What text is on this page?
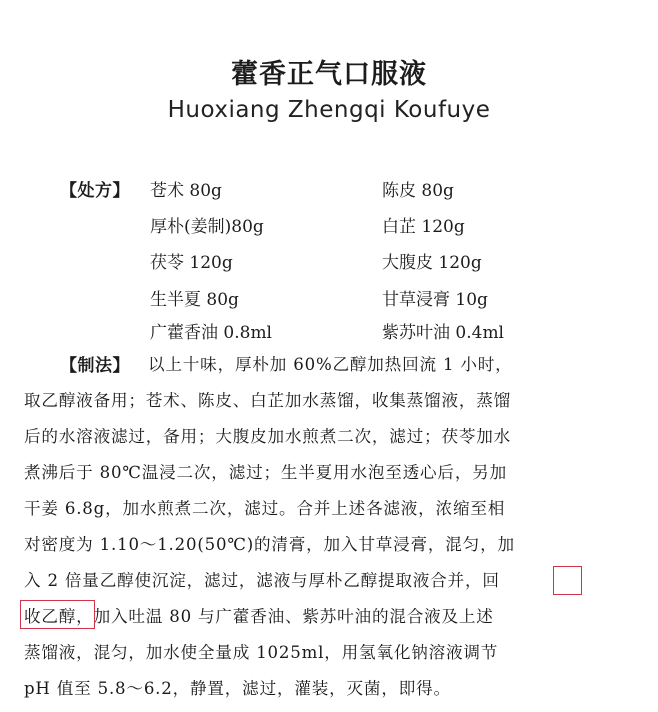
藿香正气口服液
Huoxiang Zhengqi Koufuye
【处方】 苍术 80g
厚朴(姜制)80g
茯苓 120g
生半夏 80g
广藿香油 0.8ml
陈皮 80g
白芷 120g
大腹皮 120g
甘草浸膏 10g
紫苏叶油 0.4ml
【制法】 以上十味，厚朴加 60%乙醇加热回流 1 小时，
取乙醇液备用；苍术、陈皮、白芷加水蒸馏，收集蒸馏液，蒸馏
后的水溶液滤过，备用；大腹皮加水煎煮二次，滤过；茯苓加水
煮沸后于 80℃温浸二次，滤过；生半夏用水泡至透心后，另加
干姜 6.8g，加水煎煮二次，滤过。合并上述各滤液，浓缩至相
对密度为 1.10～1.20(50℃)的清膏，加入甘草浸膏，混匀，加
入 2 倍量乙醇使沉淀，滤过，滤液与厚朴乙醇提取液合并，回
收乙醇，加入吐温 80 与广藿香油、紫苏叶油的混合液及上述
蒸馏液，混匀，加水使全量成 1025ml，用氢氧化钠溶液调节
pH 值至 5.8～6.2，静置，滤过，灌装，灭菌，即得。
